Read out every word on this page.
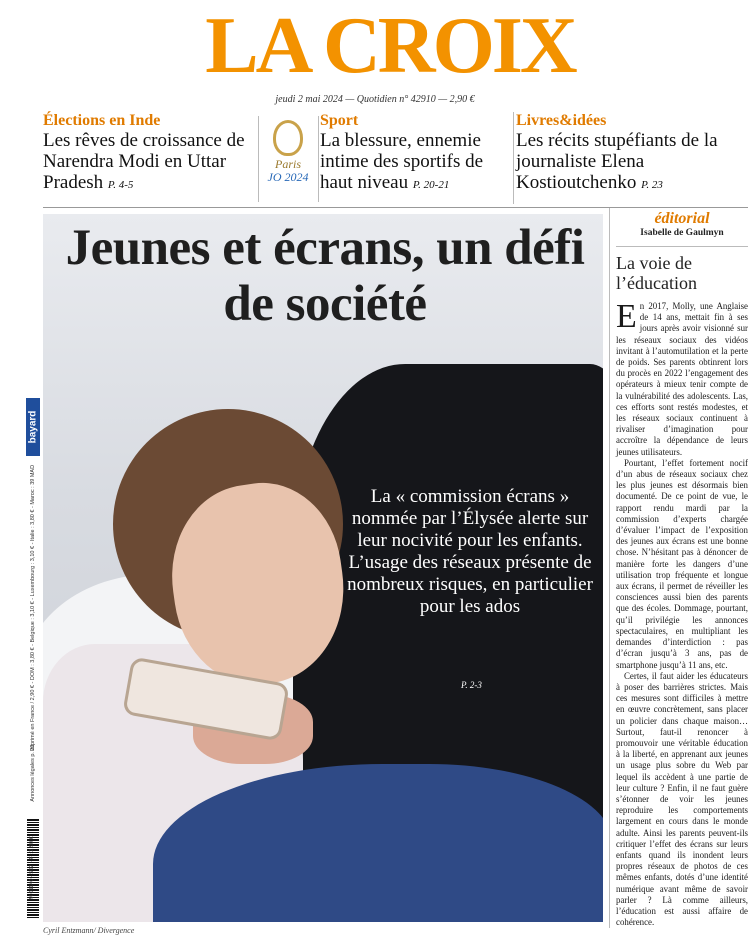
LA CROIX
jeudi 2 mai 2024 — Quotidien n° 42910 — 2,90 €
Élections en Inde
Les rêves de croissance de Narendra Modi en Uttar Pradesh P. 4-5
Sport
La blessure, ennemie intime des sportifs de haut niveau P. 20-21
Livres&idées
Les récits stupéfiants de la journaliste Elena Kostioutchenko P. 23
Paris
JO 2024
bayard
Imprimé en France / 2,90 € - DOM : 3,80 € - Belgique : 3,10 € - Luxembourg : 3,10 € - Italie : 3,80 € - Maroc : 39 MAD
Annonces légales p. 22
M 01140 - 502 - F : 2,90 €
Jeunes et écrans, un défi de société
La « commission écrans » nommée par l’Élysée alerte sur leur nocivité pour les enfants. L’usage des réseaux présente de nombreux risques, en particulier pour les ados
P. 2-3
Cyril Entzmann/ Divergence
éditorial
Isabelle de Gaulmyn
La voie de l’éducation

En 2017, Molly, une Anglaise de 14 ans, mettait fin à ses jours après avoir visionné sur les réseaux sociaux des vidéos invitant à l’automutilation et la perte de poids. Ses parents obtinrent lors du procès en 2022 l’engagement des opérateurs à mieux tenir compte de la vulnérabilité des adolescents. Las, ces efforts sont restés modestes, et les réseaux sociaux continuent à rivaliser d’imagination pour accroître la dépendance de leurs jeunes utilisateurs.

Pourtant, l’effet fortement nocif d’un abus de réseaux sociaux chez les plus jeunes est désormais bien documenté. De ce point de vue, le rapport rendu mardi par la commission d’experts chargée d’évaluer l’impact de l’exposition des jeunes aux écrans est une bonne chose. N’hésitant pas à dénoncer de manière forte les dangers d’une utilisation trop fréquente et longue aux écrans, il permet de réveiller les consciences aussi bien des parents que des écoles. Dommage, pourtant, qu’il privilégie les annonces spectaculaires, en multipliant les demandes d’interdiction : pas d’écran jusqu’à 3 ans, pas de smartphone jusqu’à 11 ans, etc.

Certes, il faut aider les éducateurs à poser des barrières strictes. Mais ces mesures sont difficiles à mettre en œuvre concrètement, sans placer un policier dans chaque maison… Surtout, faut-il renoncer à promouvoir une véritable éducation à la liberté, en apprenant aux jeunes un usage plus sobre du Web par lequel ils accèdent à une partie de leur culture ? Enfin, il ne faut guère s’étonner de voir les jeunes reproduire les comportements largement en cours dans le monde adulte. Ainsi les parents peuvent-ils critiquer l’effet des écrans sur leurs enfants quand ils inondent leurs propres réseaux de photos de ces mêmes enfants, dotés d’une identité numérique avant même de savoir parler ? Là comme ailleurs, l’éducation est aussi affaire de cohérence.
